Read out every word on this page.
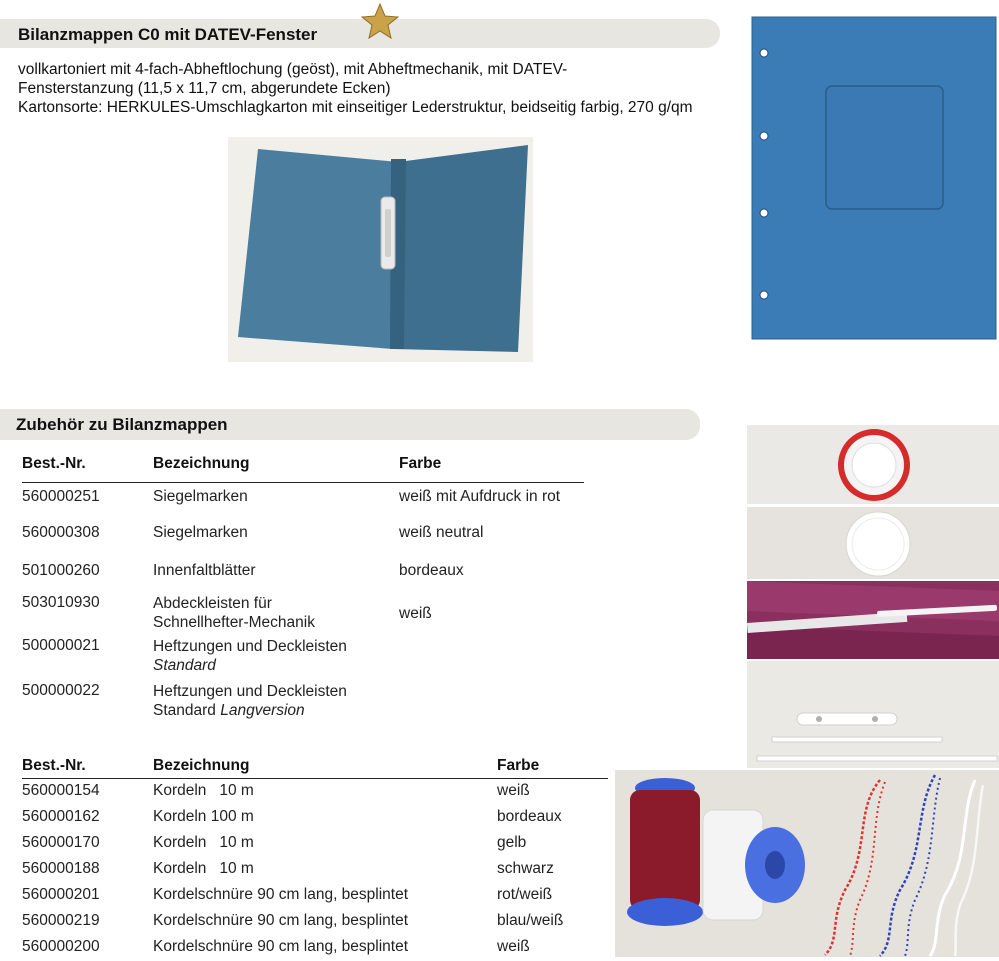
Bilanzmappen C0 mit DATEV-Fenster
vollkartoniert mit 4-fach-Abheftlochung (geöst), mit Abheftmechanik, mit DATEV-
Fensterstanzung (11,5 x 11,7 cm, abgerundete Ecken)
Kartonsorte: HERKULES-Umschlagkarton mit einseitiger Lederstruktur, beidseitig farbig, 270 g/qm
Zubehör zu Bilanzmappen
Best.-Nr.	Bezeichnung	Farbe
560000251	Siegelmarken	weiß mit Aufdruck in rot
560000308	Siegelmarken	weiß neutral
501000260	Innenfaltblätter	bordeaux
503010930	Abdeckleisten für
Schnellhefter-Mechanik	weiß
500000021	Heftzungen und Deckleisten
Standard	
500000022	Heftzungen und Deckleisten
Standard Langversion	
Best.-Nr.	Bezeichnung	Farbe
560000154	Kordeln   10 m	weiß
560000162	Kordeln 100 m	bordeaux
560000170	Kordeln   10 m	gelb
560000188	Kordeln   10 m	schwarz
560000201	Kordelschnüre 90 cm lang, besplintet	rot/weiß
560000219	Kordelschnüre 90 cm lang, besplintet	blau/weiß
560000200	Kordelschnüre 90 cm lang, besplintet	weiß
